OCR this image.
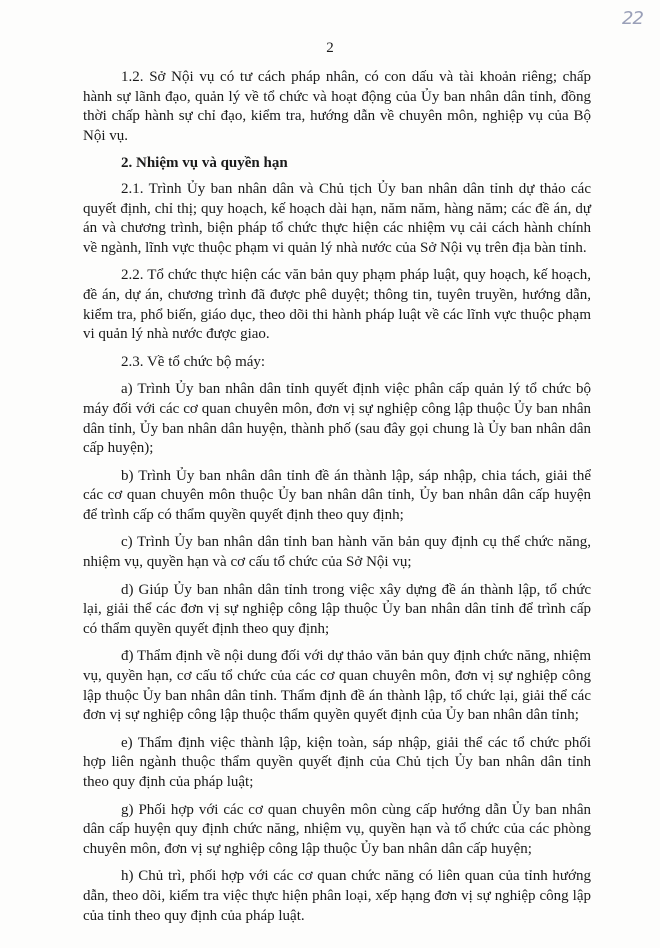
22
2

1.2. Sở Nội vụ có tư cách pháp nhân, có con dấu và tài khoản riêng; chấp hành sự lãnh đạo, quản lý về tổ chức và hoạt động của Ủy ban nhân dân tỉnh, đồng thời chấp hành sự chỉ đạo, kiểm tra, hướng dẫn về chuyên môn, nghiệp vụ của Bộ Nội vụ.

2. Nhiệm vụ và quyền hạn

2.1. Trình Ủy ban nhân dân và Chủ tịch Ủy ban nhân dân tỉnh dự thảo các quyết định, chỉ thị; quy hoạch, kế hoạch dài hạn, năm năm, hàng năm; các đề án, dự án và chương trình, biện pháp tổ chức thực hiện các nhiệm vụ cải cách hành chính về ngành, lĩnh vực thuộc phạm vi quản lý nhà nước của Sở Nội vụ trên địa bàn tỉnh.

2.2. Tổ chức thực hiện các văn bản quy phạm pháp luật, quy hoạch, kế hoạch, đề án, dự án, chương trình đã được phê duyệt; thông tin, tuyên truyền, hướng dẫn, kiểm tra, phổ biến, giáo dục, theo dõi thi hành pháp luật về các lĩnh vực thuộc phạm vi quản lý nhà nước được giao.

2.3. Về tổ chức bộ máy:

a) Trình Ủy ban nhân dân tỉnh quyết định việc phân cấp quản lý tổ chức bộ máy đối với các cơ quan chuyên môn, đơn vị sự nghiệp công lập thuộc Ủy ban nhân dân tỉnh, Ủy ban nhân dân huyện, thành phố (sau đây gọi chung là Ủy ban nhân dân cấp huyện);

b) Trình Ủy ban nhân dân tỉnh đề án thành lập, sáp nhập, chia tách, giải thể các cơ quan chuyên môn thuộc Ủy ban nhân dân tỉnh, Ủy ban nhân dân cấp huyện để trình cấp có thẩm quyền quyết định theo quy định;

c) Trình Ủy ban nhân dân tỉnh ban hành văn bản quy định cụ thể chức năng, nhiệm vụ, quyền hạn và cơ cấu tổ chức của Sở Nội vụ;

d) Giúp Ủy ban nhân dân tỉnh trong việc xây dựng đề án thành lập, tổ chức lại, giải thể các đơn vị sự nghiệp công lập thuộc Ủy ban nhân dân tỉnh để trình cấp có thẩm quyền quyết định theo quy định;

đ) Thẩm định về nội dung đối với dự thảo văn bản quy định chức năng, nhiệm vụ, quyền hạn, cơ cấu tổ chức của các cơ quan chuyên môn, đơn vị sự nghiệp công lập thuộc Ủy ban nhân dân tỉnh. Thẩm định đề án thành lập, tổ chức lại, giải thể các đơn vị sự nghiệp công lập thuộc thẩm quyền quyết định của Ủy ban nhân dân tỉnh;

e) Thẩm định việc thành lập, kiện toàn, sáp nhập, giải thể các tổ chức phối hợp liên ngành thuộc thẩm quyền quyết định của Chủ tịch Ủy ban nhân dân tỉnh theo quy định của pháp luật;

g) Phối hợp với các cơ quan chuyên môn cùng cấp hướng dẫn Ủy ban nhân dân cấp huyện quy định chức năng, nhiệm vụ, quyền hạn và tổ chức của các phòng chuyên môn, đơn vị sự nghiệp công lập thuộc Ủy ban nhân dân cấp huyện;

h) Chủ trì, phối hợp với các cơ quan chức năng có liên quan của tỉnh hướng dẫn, theo dõi, kiểm tra việc thực hiện phân loại, xếp hạng đơn vị sự nghiệp công lập của tỉnh theo quy định của pháp luật.
